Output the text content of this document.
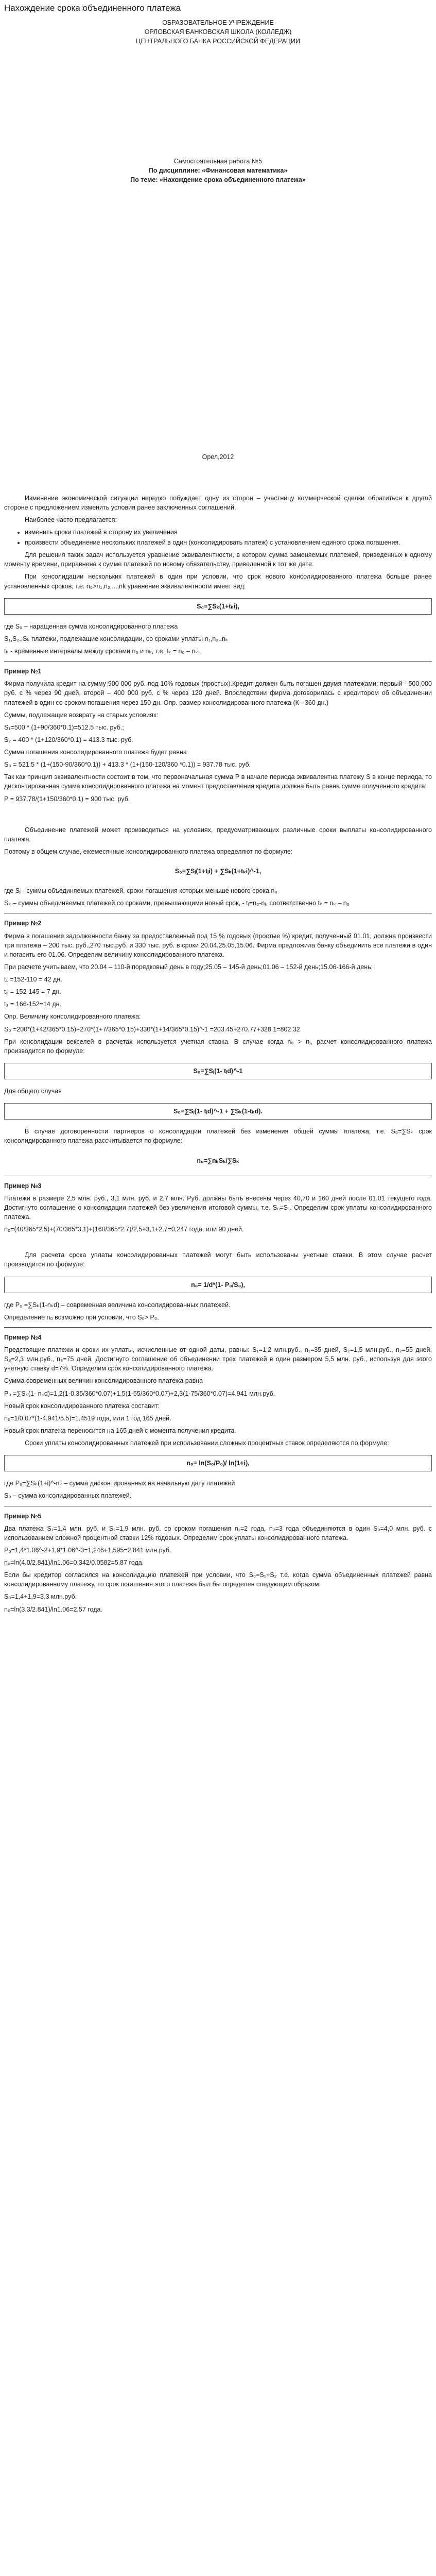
Нахождение срока объединенного платежа
ОБРАЗОВАТЕЛЬНОЕ УЧРЕЖДЕНИЕ
ОРЛОВСКАЯ БАНКОВСКАЯ ШКОЛА (КОЛЛЕДЖ)
ЦЕНТРАЛЬНОГО БАНКА РОССИЙСКОЙ ФЕДЕРАЦИИ
Самостоятельная работа №5
По дисциплине: «Финансовая математика»
По теме: «Нахождение срока объединенного платежа»
Орел,2012

Изменение экономической ситуации нередко побуждает одну из сторон – участницу коммерческой сделки обратиться к другой стороне с предложением изменить условия ранее заключенных соглашений.

Наиболее часто предлагается:

• изменить сроки платежей в сторону их увеличения
• произвести объединение нескольких платежей в один (консолидировать платеж) с установлением единого срока погашения.

Для решения таких задач используется уравнение эквивалентности, в котором сумма заменяемых платежей, приведенных к одному моменту времени, приравнена к сумме платежей по новому обязательству, приведенной к тот же дате.

При консолидации нескольких платежей в один при условии, что срок нового консолидированного платежа больше ранее установленных сроков, т.е. n₀>n₁,n₂,...,nk уравнение эквивалентности имеет вид:

S₀=∑Sₖ(1+tₖi),

где S₀ – наращенная сумма консолидированного платежа

S₁,S₂..Sₖ платежи, подлежащие консолидации, со сроками уплаты n₁,n₂..nₖ

tₖ - временные интервалы между сроками n₀ и nₖ, т.е. tₖ = n₀ – nₖ.

Пример №1

Фирма получила кредит на сумму 900 000 руб. под 10% годовых (простых).Кредит должен быть погашен двумя платежами: первый - 500 000 руб. с % через 90 дней, второй – 400 000 руб. с % через 120 дней. Впоследствии фирма договорилась с кредитором об объединении платежей в один со сроком погашения через 150 дн. Опр. размер консолидированного платежа (К - 360 дн.)

Суммы, подлежащие возврату на старых условиях:

S₁=500 * (1+90/360*0.1)=512.5 тыс. руб.;

S₂ = 400 * (1+120/360*0.1) = 413.3 тыс. руб.

Сумма погашения консолидированного платежа будет равна

S₀ = 521.5 * (1+(150-90/360*0.1)) + 413.3 * (1+(150-120/360 *0.1)) = 937.78 тыс. руб.

Так как принцип эквивалентности состоит в том, что первоначальная сумма P в начале периода эквивалентна платежу S в конце периода, то дисконтированная сумма консолидированного платежа на момент предоставления кредита должна быть равна сумме полученного кредита:

P = 937.78/(1+150/360*0.1) = 900 тыс. руб.

Объединение платежей может производиться на условиях, предусматривающих различные сроки выплаты консолидированного платежа.

Поэтому в общем случае, ежемесячные консолидированного платежа определяют по формуле:

S₀=∑Sⱼ(1+tⱼi) + ∑Sₖ(1+tₖi)^-1,

где Sⱼ - суммы объединяемых платежей, сроки погашения которых меньше нового срока n₀

Sₖ – суммы объединяемых платежей со сроками, превышающими новый срок, - tⱼ=n₀-nⱼ, соответственно tₖ = nₖ – n₀

Пример №2

Фирма в погашение задолженности банку за предоставленный под 15 % годовых (простые %) кредит, полученный 01.01, должна произвести три платежа – 200 тыс. руб.,270 тыс.руб. и 330 тыс. руб. в сроки 20.04,25.05,15.06. Фирма предложила банку объединить все платежи в один и погасить его 01.06. Определим величину консолидированного платежа.

При расчете учитываем, что 20.04 – 110-й порядковый день в году;25.05 – 145-й день;01.06 – 152-й день;15.06-166-й день;

t₁ =152-110 = 42 дн.

t₂ = 152-145 = 7 дн.

t₃ = 166-152=14 дн.

Опр. Величину консолидированного платежа:

S₀ =200*(1+42/365*0.15)+270*(1+7/365*0.15)+330*(1+14/365*0.15)^-1 =203.45+270.77+328.1=802.32

При консолидации векселей в расчетах используется учетная ставка. В случае когда n₀ > nⱼ, расчет консолидированного платежа производится по формуле:

S₀=∑Sⱼ(1- tⱼd)^-1

Для общего случая

S₀=∑Sⱼ(1- tⱼd)^-1 + ∑Sₖ(1-tₖd).

В случае договоренности партнеров о консолидации платежей без изменения общей суммы платежа, т.е. S₀=∑Sₖ срок консолидированного платежа рассчитывается по формуле:

n₀=∑nₖSₖ/∑Sₖ
Пример №3

Платежи в размере 2,5 млн. руб., 3,1 млн. руб. и 2,7 млн. Руб. должны быть внесены через 40,70 и 160 дней после 01.01 текущего года. Достигнуто соглашение о консолидации платежей без увеличения итоговой суммы, т.е. S₀=S₁. Определим срок уплаты консолидированного платежа.

n₀=(40/365*2.5)+(70/365*3,1)+(160/365*2.7)/2,5+3,1+2,7=0,247 года, или 90 дней.

Для расчета срока уплаты консолидированных платежей могут быть использованы учетные ставки. В этом случае расчет производится по формуле:

n₀= 1/d*(1- P₀/S₀),

где P₀ =∑Sₖ(1-nₖd) – современная величина консолидированных платежей.

Определение n₀ возможно при условии, что S₀> P₀.

Пример №4

Предстоящие платежи и сроки их уплаты, исчисленные от одной даты, равны: S₁=1,2 млн.руб., n₁=35 дней, S₂=1,5 млн.руб., n₂=55 дней, S₃=2,3 млн.руб., n₃=75 дней. Достигнуто соглашение об объединении трех платежей в один размером 5,5 млн. руб., используя для этого учетную ставку d=7%. Определим срок консолидированного платежа.

Сумма современных величин консолидированного платежа равна

P₀ =∑Sₖ(1- nₖd)=1,2(1-0.35/360*0.07)+1,5(1-55/360*0.07)+2,3(1-75/360*0.07)=4.941 млн.руб.

Новый срок консолидированного платежа составит:

n₀=1/0.07*(1-4.941/5.5)=1.4519 года, или 1 год 165 дней.

Новый срок платежа переносится на 165 дней с момента получения кредита.

Сроки уплаты консолидированных платежей при использовании сложных процентных ставок определяются по формуле:

n₀= ln(S₀/P₀)/ ln(1+i),

где P₀=∑Sₖ(1+i)^-nₖ – сумма дисконтированных на начальную дату платежей

S₀ – сумма консолидированных платежей.

Пример №5

Два платежа S₁=1,4 млн. руб. и S₂=1,9 млн. руб. со сроком погашения n₁=2 года, n₂=3 года объединяются в один S₀=4,0 млн. руб. с использованием сложной процентной ставки 12% годовых. Определим срок уплаты консолидированного платежа.

P₀=1,4*1.06^-2+1,9*1.06^-3=1,246+1,595=2,841 млн.руб.

n₀=ln(4.0/2.841)/ln1.06=0.342/0.0582=5.87 года.

Если бы кредитор согласился на консолидацию платежей при условии, что S₀=S₁+S₂ т.е. когда сумма объединенных платежей равна консолидированному платежу, то срок погашения этого платежа был бы определен следующим образом:

S₀=1,4+1,9=3,3 млн.руб.

n₀=ln(3.3/2.841)/ln1.06=2,57 года.
